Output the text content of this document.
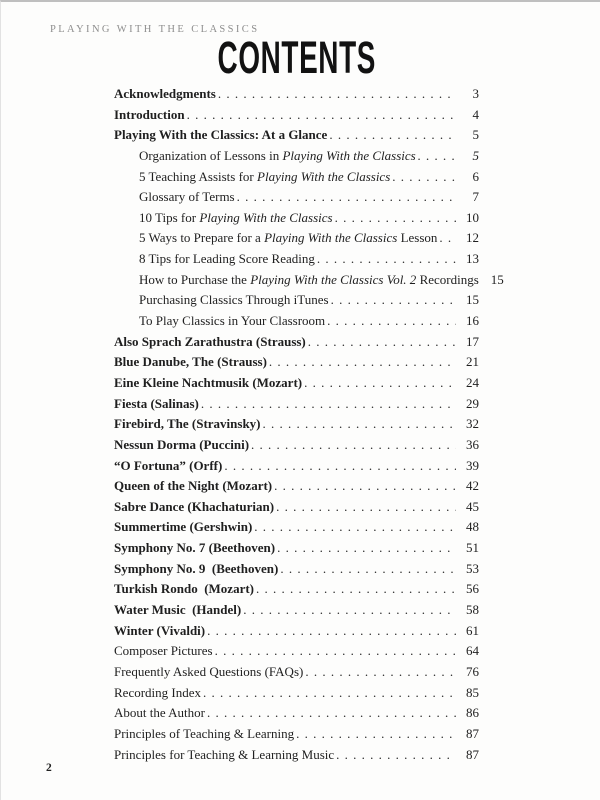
PLAYING WITH THE CLASSICS
CONTENTS
Acknowledgments . . .	3
Introduction . . .	4
Playing With the Classics: At a Glance . . .	5
Organization of Lessons in Playing With the Classics . . .	5
5 Teaching Assists for Playing With the Classics . . .	6
Glossary of Terms . . .	7
10 Tips for Playing With the Classics . . .	10
5 Ways to Prepare for a Playing With the Classics Lesson . . .	12
8 Tips for Leading Score Reading . . .	13
How to Purchase the Playing With the Classics Vol. 2 Recordings 15
Purchasing Classics Through iTunes . . .	15
To Play Classics in Your Classroom . . .	16
Also Sprach Zarathustra (Strauss) . . .	17
Blue Danube, The (Strauss) . . .	21
Eine Kleine Nachtmusik (Mozart) . . .	24
Fiesta (Salinas) . . .	29
Firebird, The (Stravinsky) . . .	32
Nessun Dorma (Puccini) . . .	36
“O Fortuna” (Orff) . . .	39
Queen of the Night (Mozart) . . .	42
Sabre Dance (Khachaturian) . . .	45
Summertime (Gershwin) . . .	48
Symphony No. 7 (Beethoven) . . .	51
Symphony No. 9  (Beethoven) . . .	53
Turkish Rondo  (Mozart) . . .	56
Water Music  (Handel) . . .	58
Winter (Vivaldi) . . .	61
Composer Pictures . . .	64
Frequently Asked Questions (FAQs) . . .	76
Recording Index . . .	85
About the Author . . .	86
Principles of Teaching & Learning . . .	87
Principles for Teaching & Learning Music . . .	87
2
